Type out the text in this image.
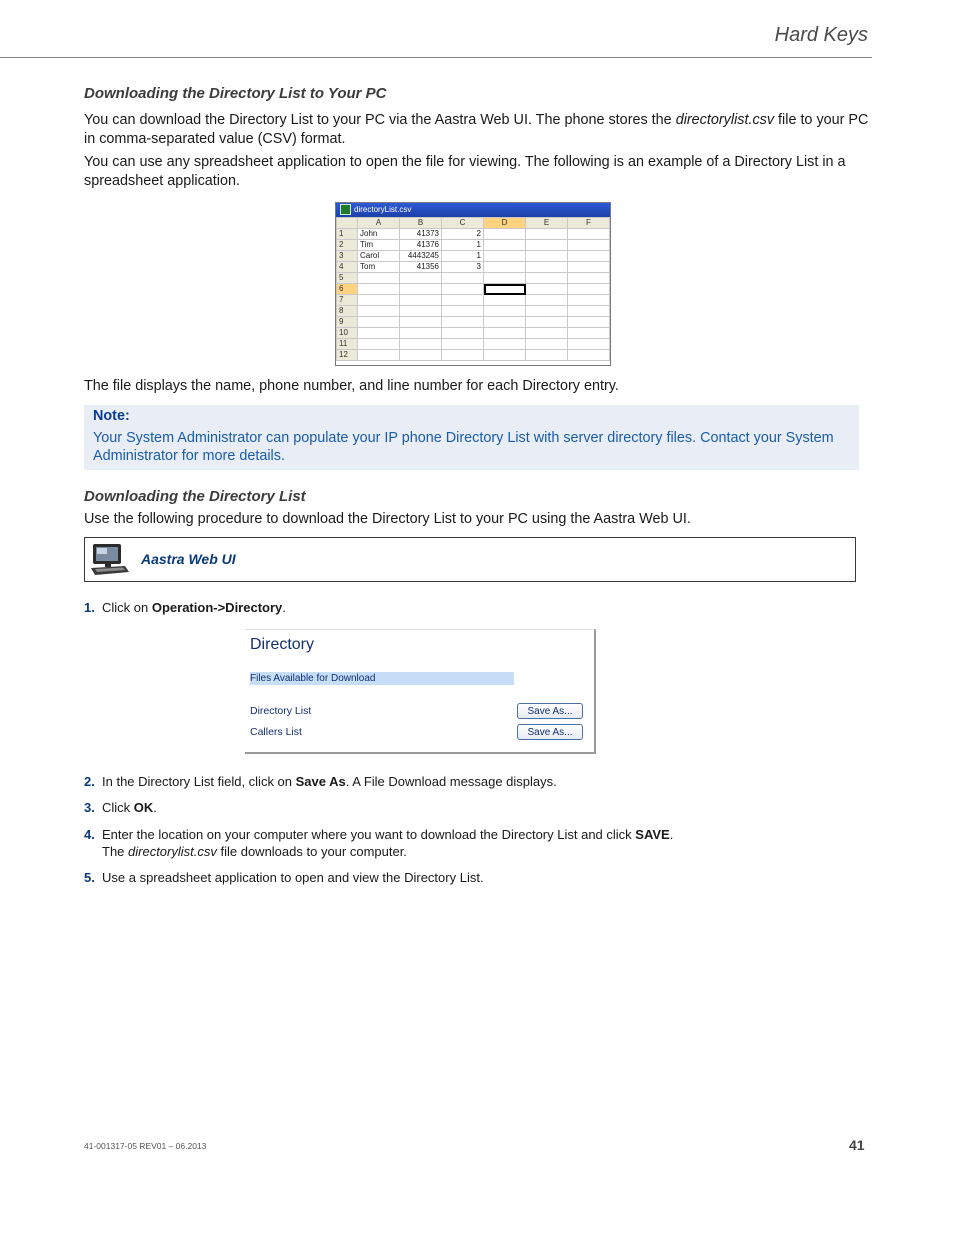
Hard Keys
Downloading the Directory List to Your PC
You can download the Directory List to your PC via the Aastra Web UI. The phone stores the directorylist.csv file to your PC in comma-separated value (CSV) format.
You can use any spreadsheet application to open the file for viewing. The following is an example of a Directory List in a spreadsheet application.
directoryList.csv
	A	B	C	D	E	F
1	John	41373	2			
2	Tim	41376	1			
3	Carol	4443245	1			
4	Tom	41356	3			
5						
6						
7						
8						
9						
10						
11						
12						
The file displays the name, phone number, and line number for each Directory entry.
Note:
Your System Administrator can populate your IP phone Directory List with server directory files. Contact your System Administrator for more details.
Downloading the Directory List
Use the following procedure to download the Directory List to your PC using the Aastra Web UI.
Aastra Web UI
1. Click on Operation->Directory.
Directory
Files Available for Download
Directory List	Save As...
Callers List	Save As...
2. In the Directory List field, click on Save As. A File Download message displays.
3. Click OK.
4. Enter the location on your computer where you want to download the Directory List and click SAVE.
The directorylist.csv file downloads to your computer.
5. Use a spreadsheet application to open and view the Directory List.
41-001317-05 REV01 – 06.2013	41
